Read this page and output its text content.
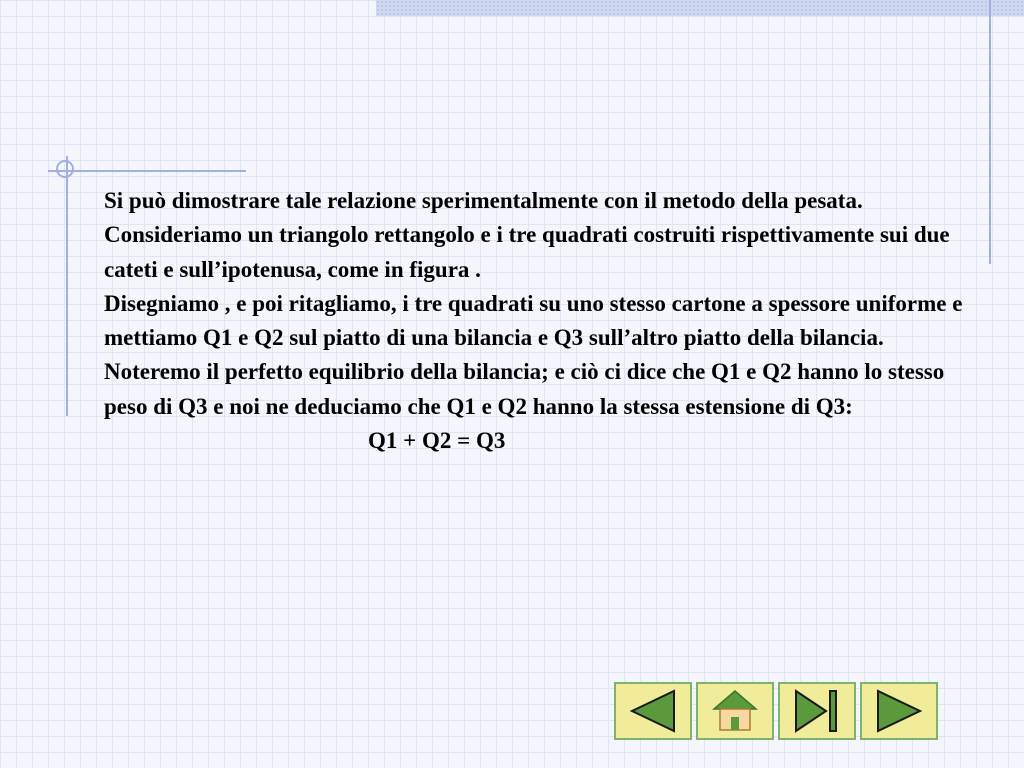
Si può dimostrare tale relazione sperimentalmente con il metodo della pesata.

Consideriamo un triangolo rettangolo e i tre quadrati costruiti rispettivamente sui due cateti e sull’ipotenusa, come in figura .

Disegniamo , e poi ritagliamo, i tre quadrati su uno stesso cartone a spessore uniforme e mettiamo Q1 e Q2 sul piatto di una bilancia e Q3 sull’altro piatto della bilancia.

Noteremo il perfetto equilibrio della bilancia; e ciò ci dice che Q1 e Q2 hanno lo stesso peso di Q3 e noi ne deduciamo che Q1 e Q2 hanno la stessa estensione di Q3:

Q1 + Q2 = Q3
